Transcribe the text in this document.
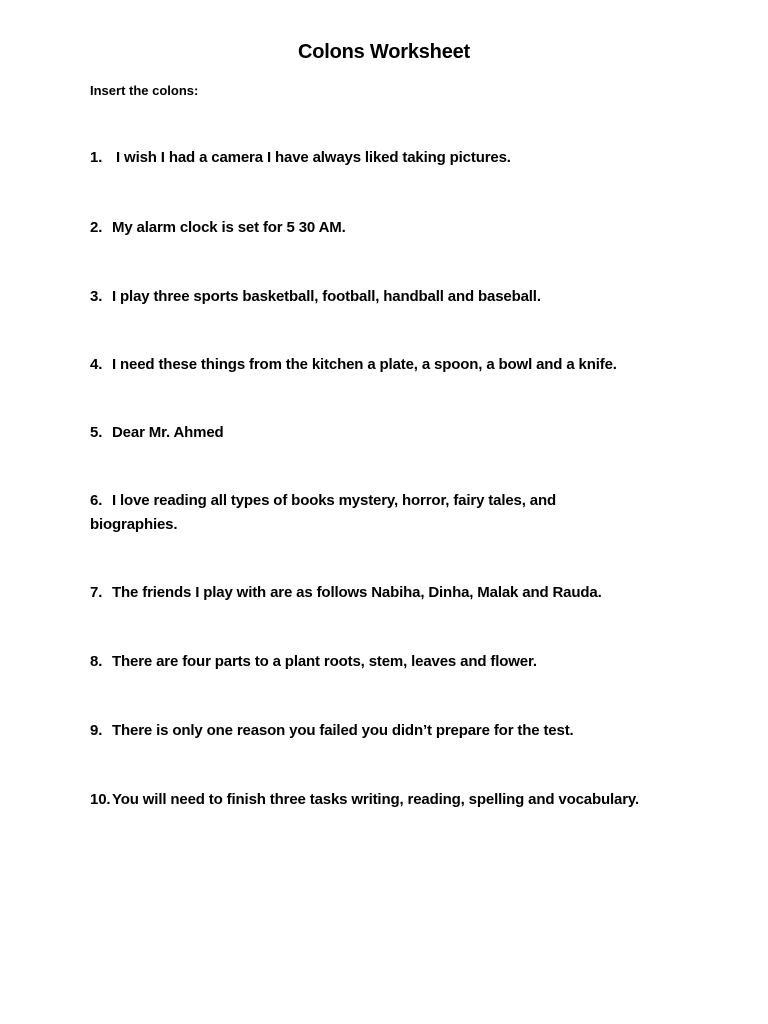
Colons Worksheet
Insert the colons:
1. I wish I had a camera I have always liked taking pictures.
2. My alarm clock is set for 5 30 AM.
3. I play three sports basketball, football, handball and baseball.
4. I need these things from the kitchen a plate, a spoon, a bowl and a knife.
5. Dear Mr. Ahmed
6. I love reading all types of books mystery, horror, fairy tales, and biographies.
7. The friends I play with are as follows Nabiha, Dinha, Malak and Rauda.
8. There are four parts to a plant roots, stem, leaves and flower.
9. There is only one reason you failed you didn’t prepare for the test.
10. You will need to finish three tasks writing, reading, spelling and vocabulary.
